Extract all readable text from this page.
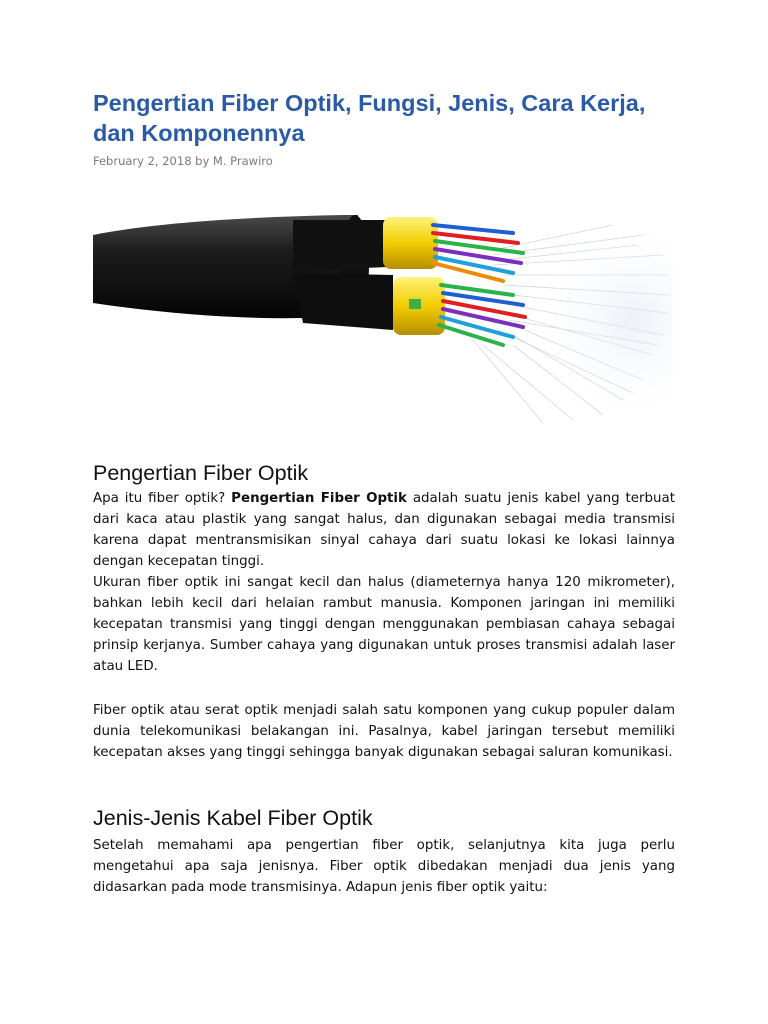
Pengertian Fiber Optik, Fungsi, Jenis, Cara Kerja, dan Komponennya
February 2, 2018 by M. Prawiro
Pengertian Fiber Optik

Apa itu fiber optik? Pengertian Fiber Optik adalah suatu jenis kabel yang terbuat dari kaca atau plastik yang sangat halus, dan digunakan sebagai media transmisi karena dapat mentransmisikan sinyal cahaya dari suatu lokasi ke lokasi lainnya dengan kecepatan tinggi.

Ukuran fiber optik ini sangat kecil dan halus (diameternya hanya 120 mikrometer), bahkan lebih kecil dari helaian rambut manusia. Komponen jaringan ini memiliki kecepatan transmisi yang tinggi dengan menggunakan pembiasan cahaya sebagai prinsip kerjanya. Sumber cahaya yang digunakan untuk proses transmisi adalah laser atau LED.

Fiber optik atau serat optik menjadi salah satu komponen yang cukup populer dalam dunia telekomunikasi belakangan ini. Pasalnya, kabel jaringan tersebut memiliki kecepatan akses yang tinggi sehingga banyak digunakan sebagai saluran komunikasi.

Jenis-Jenis Kabel Fiber Optik

Setelah memahami apa pengertian fiber optik, selanjutnya kita juga perlu mengetahui apa saja jenisnya. Fiber optik dibedakan menjadi dua jenis yang didasarkan pada mode transmisinya. Adapun jenis fiber optik yaitu:
